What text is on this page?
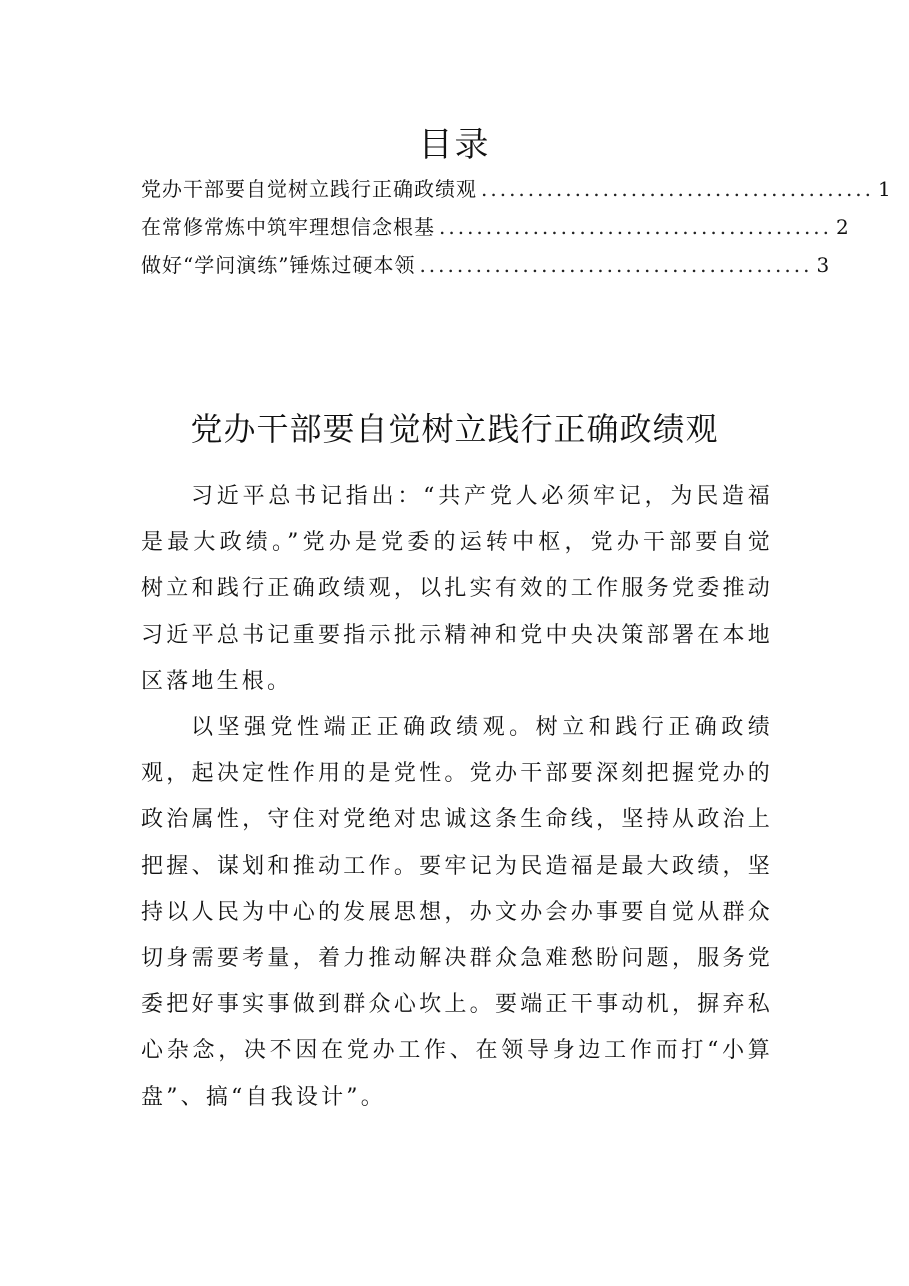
目录
党办干部要自觉树立践行正确政绩观 .......................................... 1
在常修常炼中筑牢理想信念根基 .......................................... 2
做好“学问演练”锤炼过硬本领 .......................................... 3
党办干部要自觉树立践行正确政绩观

习近平总书记指出：“共产党人必须牢记，为民造福是最大政绩。”党办是党委的运转中枢，党办干部要自觉树立和践行正确政绩观，以扎实有效的工作服务党委推动习近平总书记重要指示批示精神和党中央决策部署在本地区落地生根。

以坚强党性端正正确政绩观。树立和践行正确政绩观，起决定性作用的是党性。党办干部要深刻把握党办的政治属性，守住对党绝对忠诚这条生命线，坚持从政治上把握、谋划和推动工作。要牢记为民造福是最大政绩，坚持以人民为中心的发展思想，办文办会办事要自觉从群众切身需要考量，着力推动解决群众急难愁盼问题，服务党委把好事实事做到群众心坎上。要端正干事动机，摒弃私心杂念，决不因在党办工作、在领导身边工作而打“小算盘”、搞“自我设计”。
